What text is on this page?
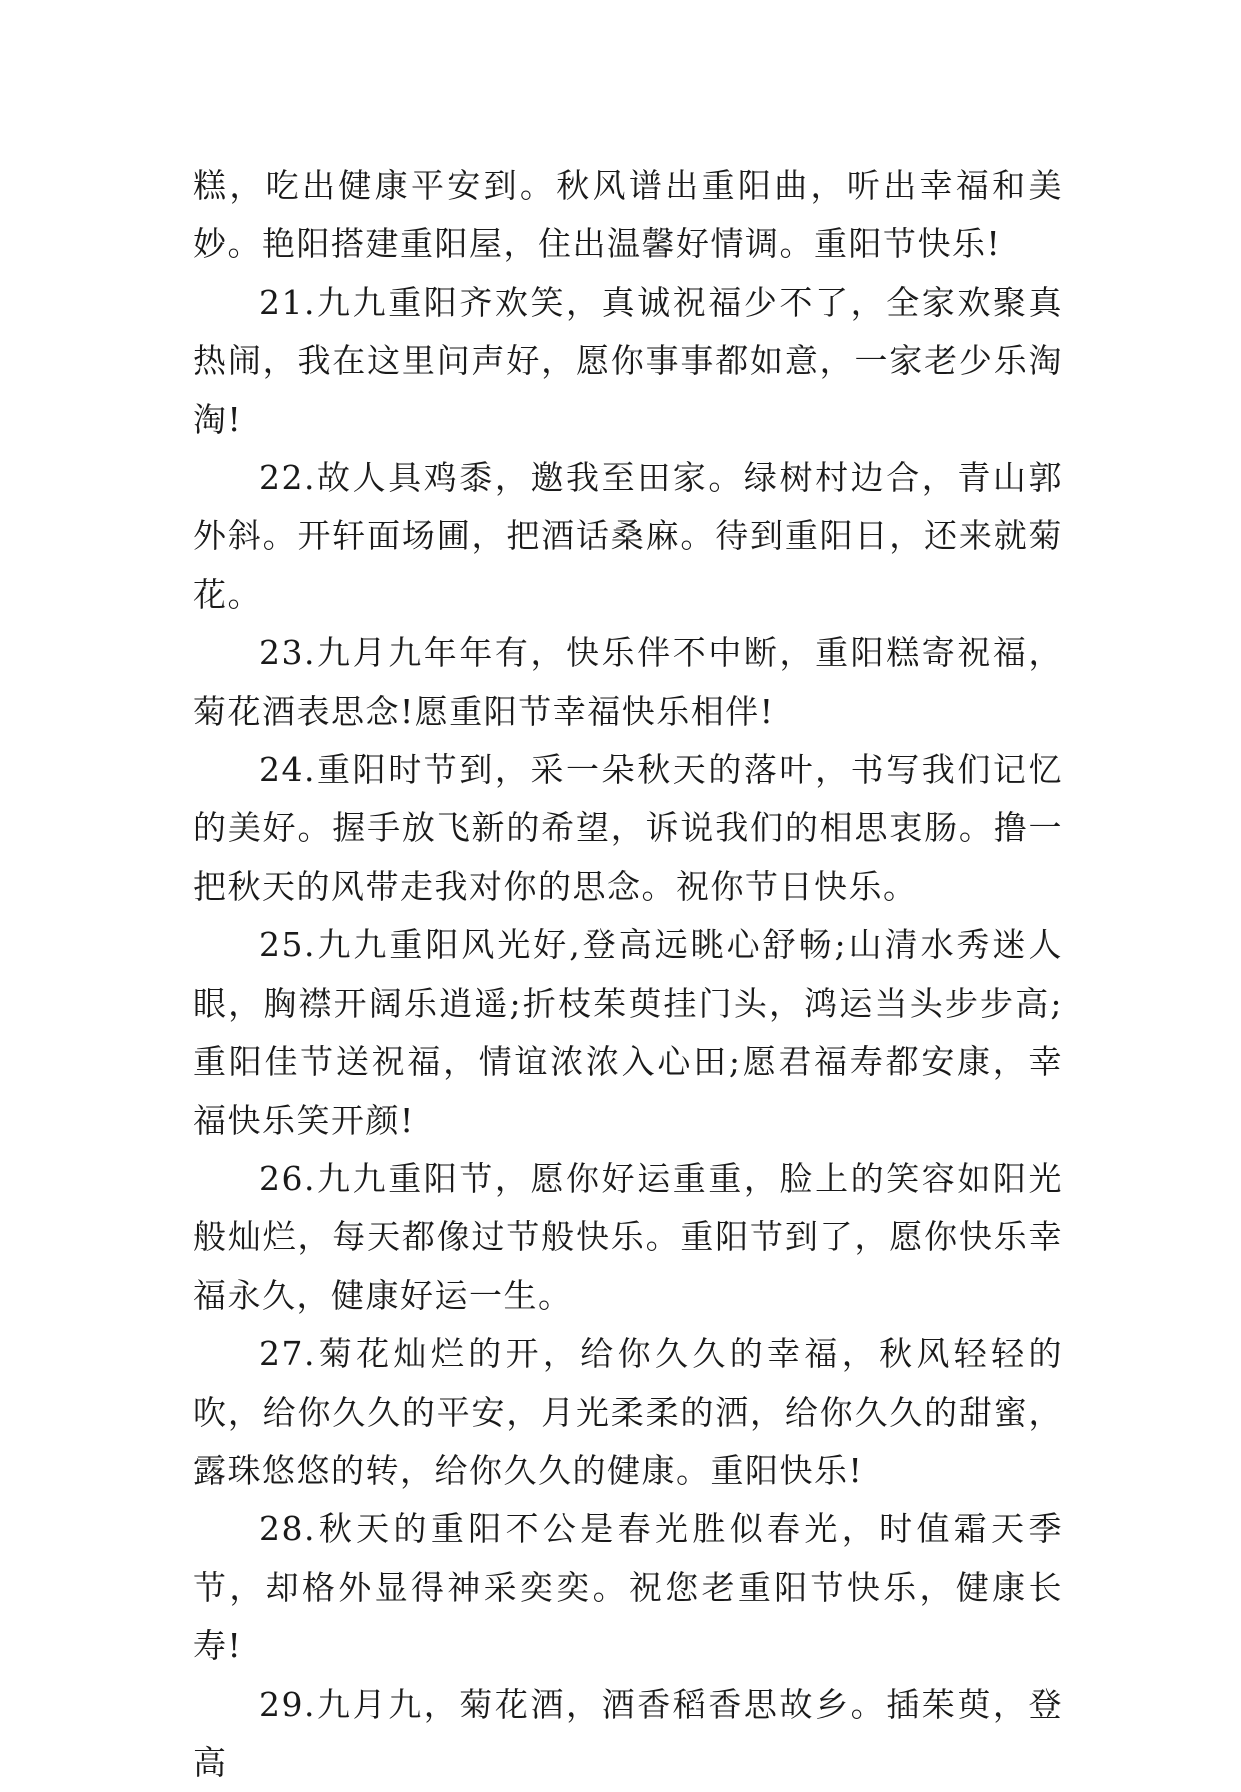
糕，吃出健康平安到。秋风谱出重阳曲，听出幸福和美妙。艳阳搭建重阳屋，住出温馨好情调。重阳节快乐!

21.九九重阳齐欢笑，真诚祝福少不了，全家欢聚真热闹，我在这里问声好，愿你事事都如意，一家老少乐淘淘!

22.故人具鸡黍，邀我至田家。绿树村边合，青山郭外斜。开轩面场圃，把酒话桑麻。待到重阳日，还来就菊花。

23.九月九年年有，快乐伴不中断，重阳糕寄祝福，菊花酒表思念!愿重阳节幸福快乐相伴!

24.重阳时节到，采一朵秋天的落叶，书写我们记忆的美好。握手放飞新的希望，诉说我们的相思衷肠。撸一把秋天的风带走我对你的思念。祝你节日快乐。

25.九九重阳风光好,登高远眺心舒畅;山清水秀迷人眼，胸襟开阔乐逍遥;折枝茱萸挂门头，鸿运当头步步高;重阳佳节送祝福，情谊浓浓入心田;愿君福寿都安康，幸福快乐笑开颜!

26.九九重阳节，愿你好运重重，脸上的笑容如阳光般灿烂，每天都像过节般快乐。重阳节到了，愿你快乐幸福永久，健康好运一生。

27.菊花灿烂的开，给你久久的幸福，秋风轻轻的吹，给你久久的平安，月光柔柔的洒，给你久久的甜蜜，露珠悠悠的转，给你久久的健康。重阳快乐!

28.秋天的重阳不公是春光胜似春光，时值霜天季节，却格外显得神采奕奕。祝您老重阳节快乐，健康长寿!

29.九月九，菊花酒，酒香稻香思故乡。插茱萸，登高
